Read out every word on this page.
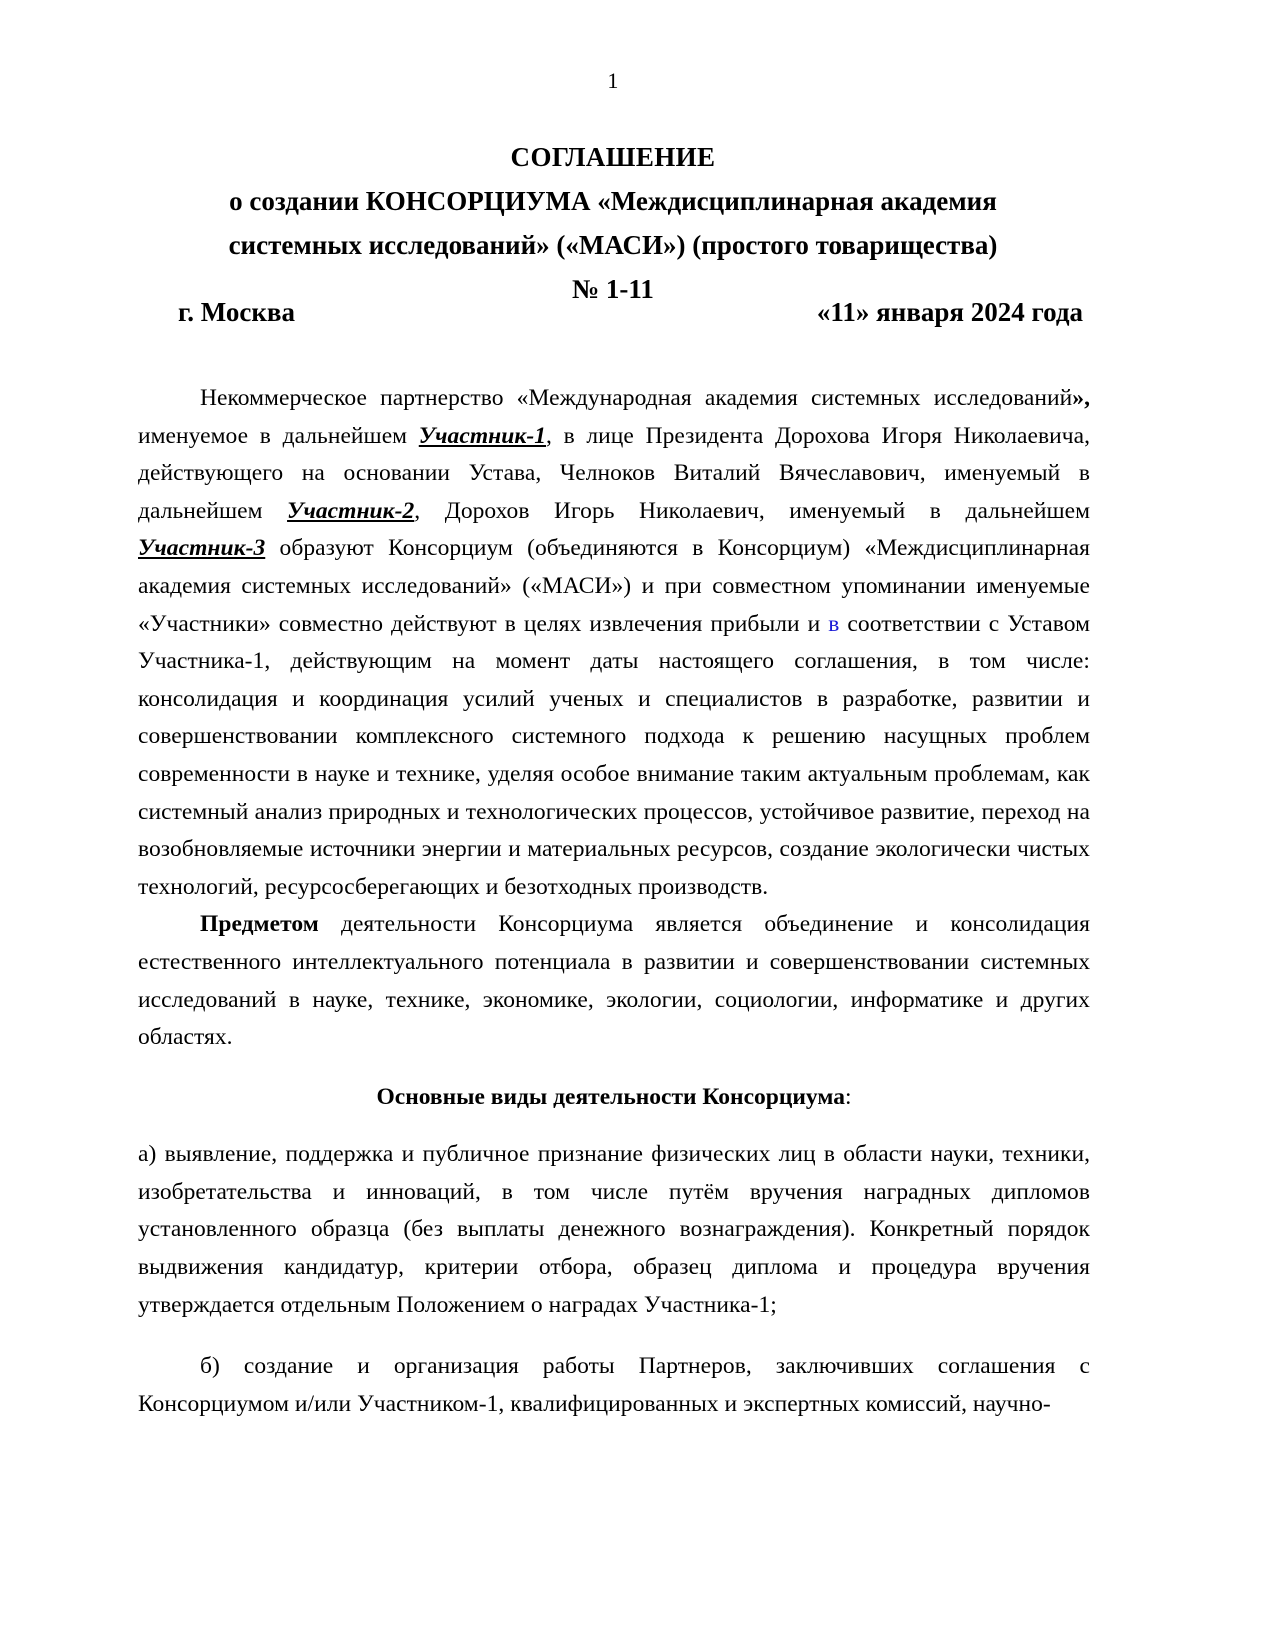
1
СОГЛАШЕНИЕ
о создании КОНСОРЦИУМА «Междисциплинарная академия
системных исследований» («МАСИ») (простого товарищества)
№ 1-11
г. Москва	«11» января 2024 года

Некоммерческое партнерство «Международная академия системных исследований», именуемое в дальнейшем Участник-1, в лице Президента Дорохова Игоря Николаевича, действующего на основании Устава, Челноков Виталий Вячеславович, именуемый в дальнейшем Участник-2, Дорохов Игорь Николаевич, именуемый в дальнейшем Участник-3 образуют Консорциум (объединяются в Консорциум) «Междисциплинарная академия системных исследований» («МАСИ») и при совместном упоминании именуемые «Участники» совместно действуют в целях извлечения прибыли и в соответствии с Уставом Участника-1, действующим на момент даты настоящего соглашения, в том числе: консолидация и координация усилий ученых и специалистов в разработке, развитии и совершенствовании комплексного системного подхода к решению насущных проблем современности в науке и технике, уделяя особое внимание таким актуальным проблемам, как системный анализ природных и технологических процессов, устойчивое развитие, переход на возобновляемые источники энергии и материальных ресурсов, создание экологически чистых технологий, ресурсосберегающих и безотходных производств.

Предметом деятельности Консорциума является объединение и консолидация естественного интеллектуального потенциала в развитии и совершенствовании системных исследований в науке, технике, экономике, экологии, социологии, информатике и других областях.

Основные виды деятельности Консорциума:

а) выявление, поддержка и публичное признание физических лиц в области науки, техники, изобретательства и инноваций, в том числе путём вручения наградных дипломов установленного образца (без выплаты денежного вознаграждения). Конкретный порядок выдвижения кандидатур, критерии отбора, образец диплома и процедура вручения утверждается отдельным Положением о наградах Участника-1;

б) создание и организация работы Партнеров, заключивших соглашения с Консорциумом и/или Участником-1, квалифицированных и экспертных комиссий, научно-
